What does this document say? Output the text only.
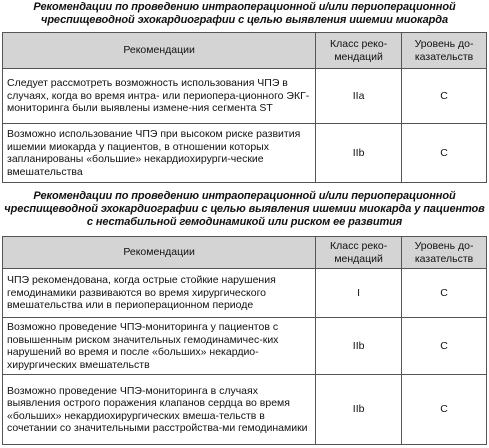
Рекомендации по проведению интраоперационной и/или периоперационной чреспищеводной эхокардиографии с целью выявления ишемии миокарда
Рекомендации	Класс реко-мендаций	Уровень до-казательств
Следует рассмотреть возможность использования ЧПЭ в случаях, когда во время интра- или периопера-ционного ЭКГ-мониторинга были выявлены измене-ния сегмента ST	IIa	C
Возможно использование ЧПЭ при высоком риске развития ишемии миокарда у пациентов, в отношении которых запланированы «большие» некардиохирурги-ческие вмешательства	IIb	C
Рекомендации по проведению интраоперационной и/или периоперационной чреспищеводной эхокардиографии с целью выявления ишемии миокарда у пациентов с нестабильной гемодинамикой или риском ее развития
Рекомендации	Класс реко-мендаций	Уровень до-казательств
ЧПЭ рекомендована, когда острые стойкие нарушения гемодинамики развиваются во время хирургического вмешательства или в периоперационном периоде	I	C
Возможно проведение ЧПЭ-мониторинга у пациентов с повышенным риском значительных гемодинамичес-ких нарушений во время и после «больших» некардио-хирургических вмешательств	IIb	C
Возможно проведение ЧПЭ-мониторинга в случаях выявления острого поражения клапанов сердца во время «больших» некардиохирургических вмеша-тельств в сочетании со значительными расстройства-ми гемодинамики	IIb	C
